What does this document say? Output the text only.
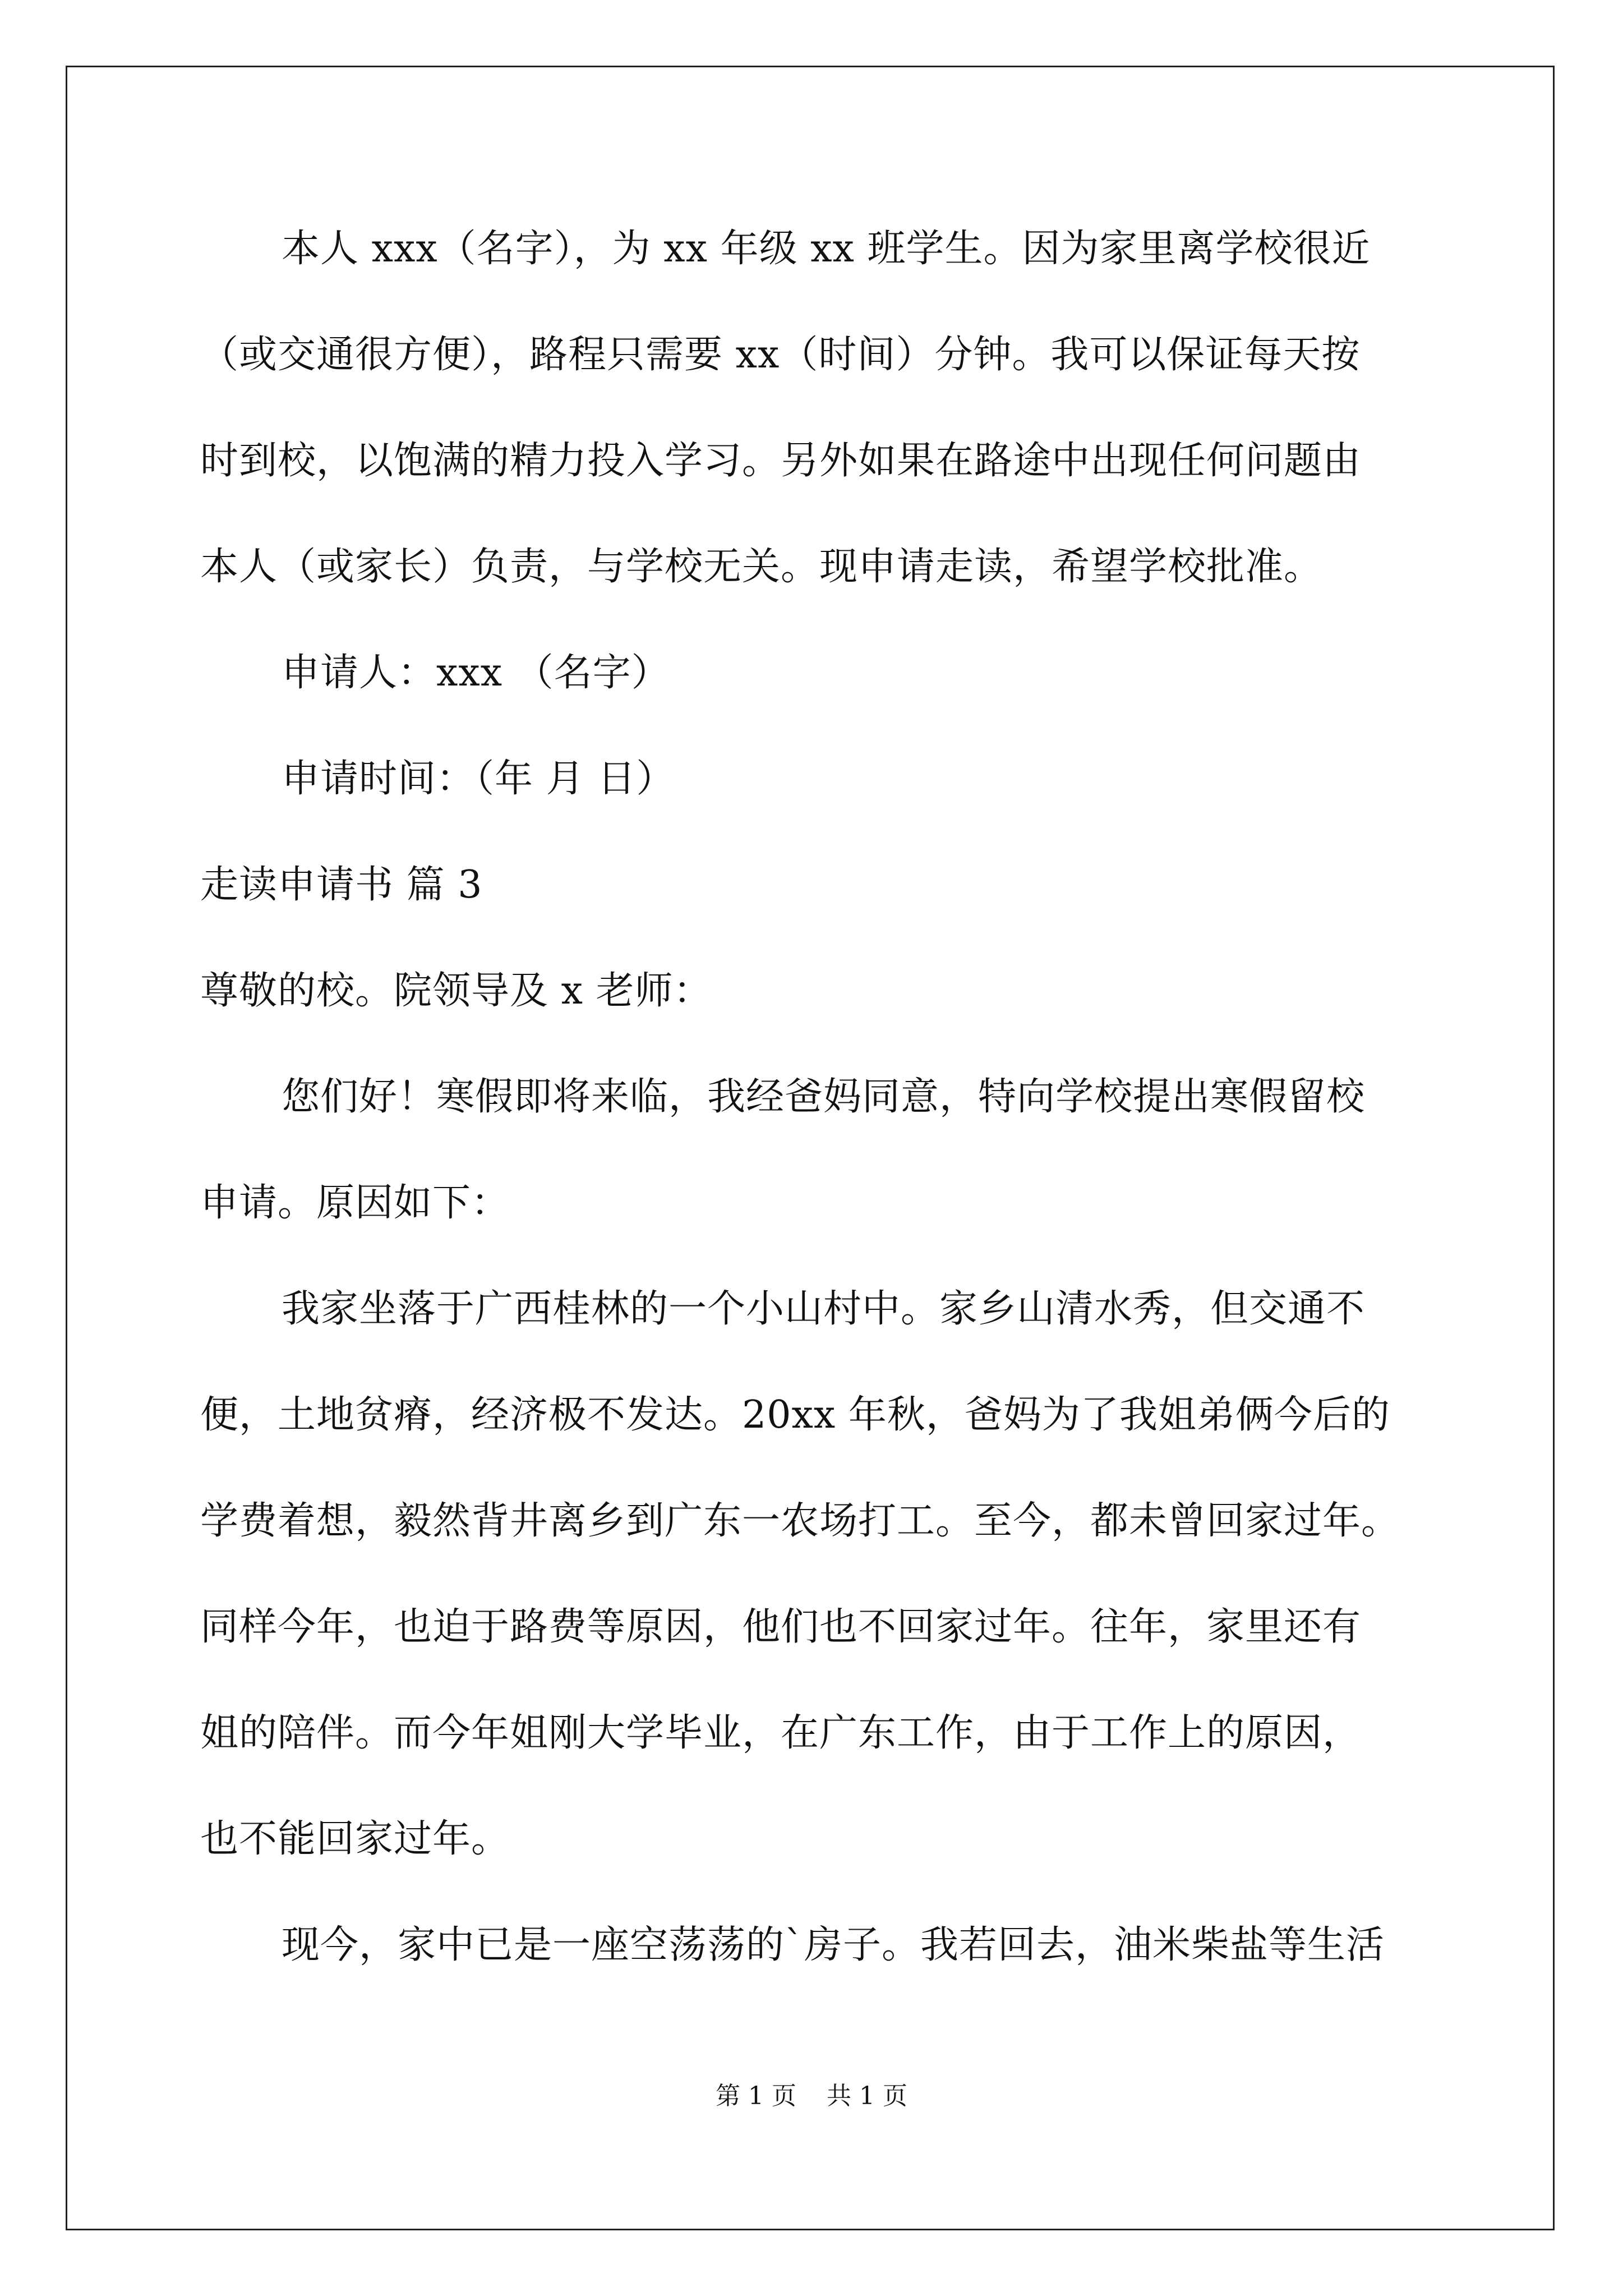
本人 xxx（名字），为 xx 年级 xx 班学生。因为家里离学校很近
（或交通很方便），路程只需要 xx（时间）分钟。我可以保证每天按
时到校，以饱满的精力投入学习。另外如果在路途中出现任何问题由
本人（或家长）负责，与学校无关。现申请走读，希望学校批准。
申请人：xxx （名字）
申请时间：（年 月 日）
走读申请书 篇 3
尊敬的校。院领导及 x 老师：
您们好！寒假即将来临，我经爸妈同意，特向学校提出寒假留校
申请。原因如下：
我家坐落于广西桂林的一个小山村中。家乡山清水秀，但交通不
便，土地贫瘠，经济极不发达。20xx 年秋，爸妈为了我姐弟俩今后的
学费着想，毅然背井离乡到广东一农场打工。至今，都未曾回家过年。
同样今年，也迫于路费等原因，他们也不回家过年。往年，家里还有
姐的陪伴。而今年姐刚大学毕业，在广东工作，由于工作上的原因，
也不能回家过年。
现今，家中已是一座空荡荡的`房子。我若回去，油米柴盐等生活
第 1 页 共 1 页
